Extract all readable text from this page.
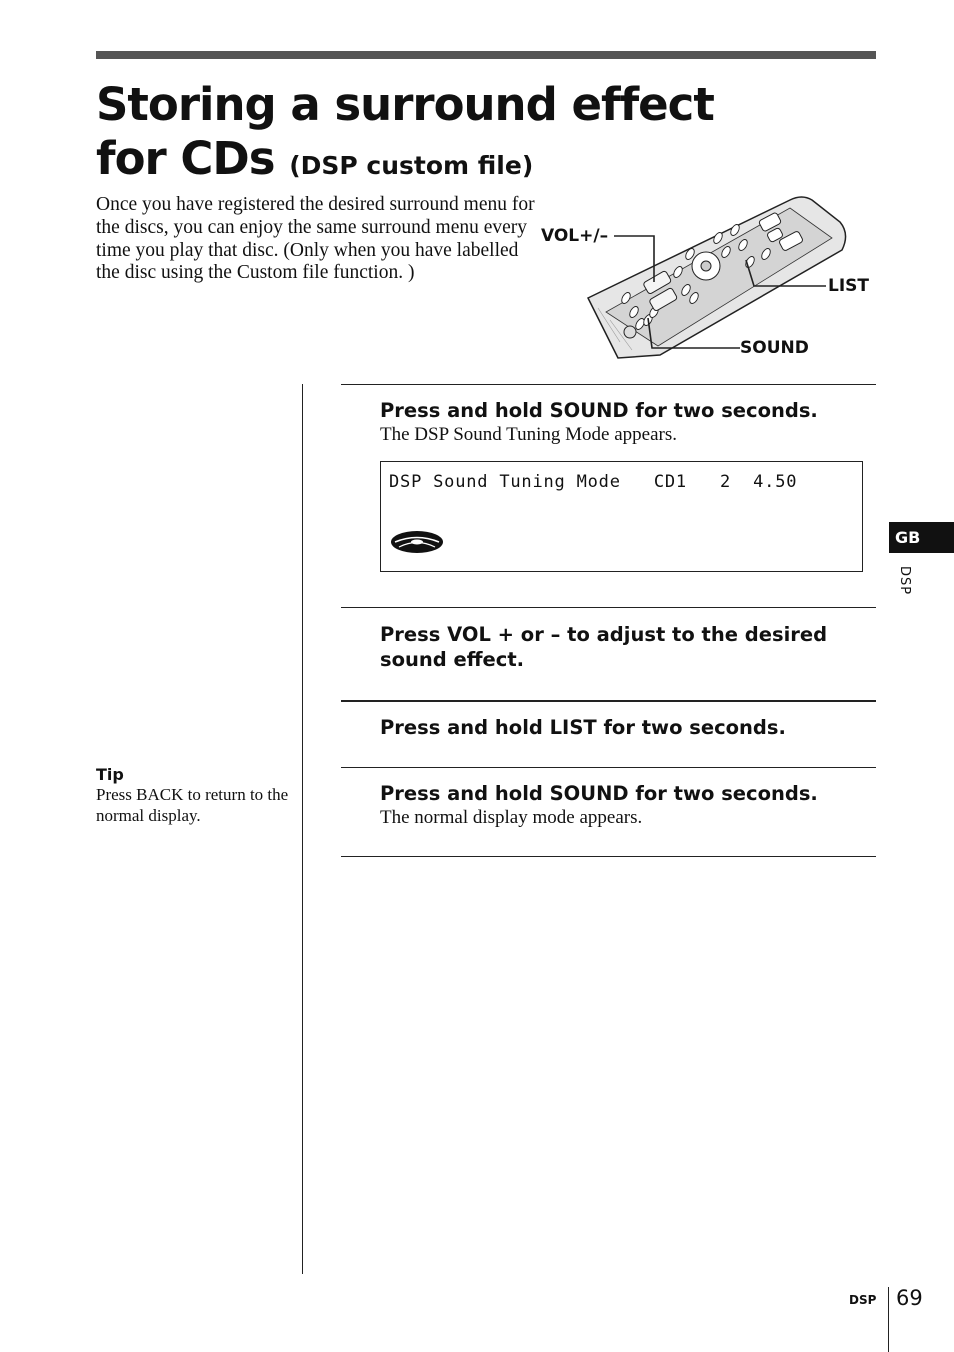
Storing a surround effect
for CDs (DSP custom file)
Once you have registered the desired surround menu for the discs, you can enjoy the same surround menu every time you play that disc. (Only when you have labelled the disc using the Custom file function. )
VOL+/–
LIST
SOUND
Press and hold SOUND for two seconds.
The DSP Sound Tuning Mode appears.
DSP Sound Tuning Mode   CD1   2  4.50
Press VOL + or – to adjust to the desired sound effect.
Press and hold LIST for two seconds.
Press and hold SOUND for two seconds.
The normal display mode appears.
Tip
Press BACK to return to the normal display.
GB
DSP
DSP 69
